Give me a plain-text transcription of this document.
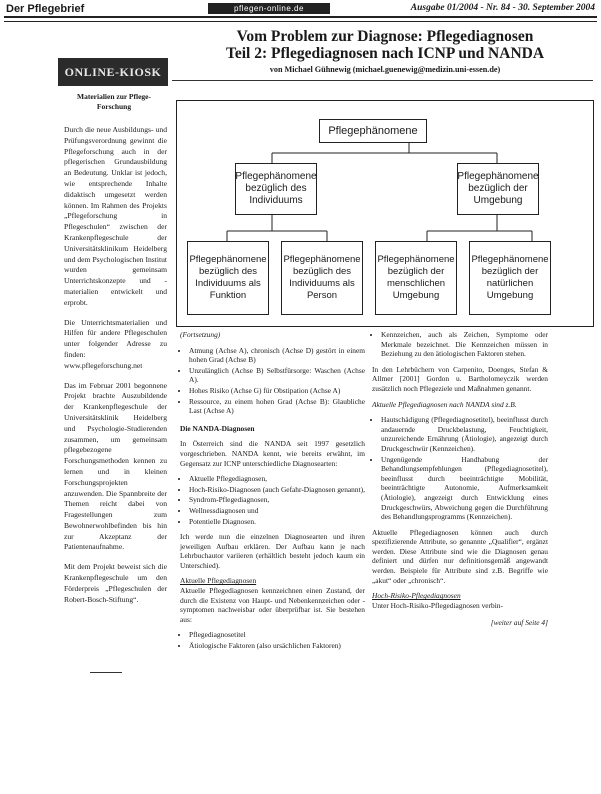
Der Pflegebrief	pflegen-online.de	Ausgabe 01/2004 - Nr. 84 - 30. September 2004
ONLINE-KIOSK
Materialien zur Pflege-Forschung

Durch die neue Ausbildungs- und Prüfungsverordnung gewinnt die Pflegeforschung auch in der pflegerischen Grundausbildung an Bedeutung. Unklar ist jedoch, wie entsprechende Inhalte didaktisch umgesetzt werden können. Im Rahmen des Projekts „Pflegeforschung in Pflegeschulen“ zwischen der Krankenpflegeschule der Universitätsklinikum Heidelberg und dem Psychologischen Institut wurden gemeinsam Unterrichtskonzepte und -materialien entwickelt und erprobt.

Die Unterrichtsmaterialien und Hilfen für andere Pflegeschulen unter folgender Adresse zu finden:

www.pflegeforschung.net

Das im Februar 2001 begonnene Projekt brachte Auszubildende der Krankenpflegeschule der Universitätsklinik Heidelberg und Psychologie-Studierenden zusammen, um gemeinsam pflegebezogene Forschungsmethoden kennen zu lernen und in kleinen Forschungsprojekten anzuwenden. Die Spannbreite der Themen reicht dabei von Fragestellungen zum Bewohnerwohlbefinden bis hin zur Akzeptanz der Patientenaufnahme.

Mit dem Projekt beweist sich die Krankenpflegeschule um den Förderpreis „Pflegeschulen der Robert-Bosch-Stiftung“.

Vom Problem zur Diagnose: Pflegediagnosen
Teil 2: Pflegediagnosen nach ICNP und NANDA
von Michael Gühnewig (michael.guenewig@medizin.uni-essen.de)
Pflegephänomene
Pflegephänomene bezüglich des Individuums
Pflegephänomene bezüglich der Umgebung
Pflegephänomene bezüglich des Individuums als Funktion
Pflegephänomene bezüglich des Individuums als Person
Pflegephänomene bezüglich der menschlichen Umgebung
Pflegephänomene bezüglich der natürlichen Umgebung

(Fortsetzung)

• Atmung (Achse A), chronisch (Achse D) gestört in einem hohen Grad (Achse B)
• Unzulänglich (Achse B) Selbstfürsorge: Waschen (Achse A).
• Hohes Risiko (Achse G) für Obstipation (Achse A)
• Ressource, zu einem hohen Grad (Achse B): Glaubliche Last (Achse A)

Die NANDA-Diagnosen

In Österreich sind die NANDA seit 1997 gesetzlich vorgeschrieben. NANDA kennt, wie bereits erwähnt, im Gegensatz zur ICNP unterschiedliche Diagnosearten:

• Aktuelle Pflegediagnosen,
• Hoch-Risiko-Diagnosen (auch Gefahr-Diagnosen genannt),
• Syndrom-Pflegediagnosen,
• Wellnessdiagnosen und
• Potentielle Diagnosen.

Ich werde nun die einzelnen Diagnosearten und ihren jeweiligen Aufbau erklären. Der Aufbau kann je nach Lehrbuchautor variieren (erhältlich besteht jedoch kaum ein Unterschied).

Aktuelle Pflegediagnosen

Aktuelle Pflegediagnosen kennzeichnen einen Zustand, der durch die Existenz von Haupt- und Nebenkennzeichen oder -symptomen nachweisbar oder überprüfbar ist. Sie bestehen aus:

• Pflegediagnosetitel
• Ätiologische Faktoren (also ursächlichen Faktoren)
• Kennzeichen, auch als Zeichen, Symptome oder Merkmale bezeichnet. Die Kennzeichen müssen in Beziehung zu den ätiologischen Faktoren stehen.

In den Lehrbüchern von Carpenito, Doenges, Stefan & Allmer [2001] Gordon u. Bartholomeyczik werden zusätzlich noch Pflegeziele und Maßnahmen genannt.

Aktuelle Pflegediagnosen nach NANDA sind z.B.

• Hautschädigung (Pflegediagnosetitel), beeinflusst durch andauernde Druckbelastung, Feuchtigkeit, unzureichende Ernährung (Ätiologie), angezeigt durch Druckgeschwür (Kennzeichen).
• Ungenügende Handhabung der Behandlungsempfehlungen (Pflegediagnosetitel), beeinflusst durch beeinträchtigte Mobilität, beeinträchtigte Autonomie, Aufmerksamkeit (Ätiologie), angezeigt durch Entwicklung eines Druckgeschwürs, Abweichung gegen die Durchführung des Behandlungsprogramms (Kennzeichen).

Aktuelle Pflegediagnosen können auch durch spezifizierende Attribute, so genannte „Qualifier“, ergänzt werden. Diese Attribute sind wie die Diagnosen genau definiert und dürfen nur definitionsgemäß angewandt werden. Beispiele für Attribute sind z.B. Begriffe wie „akut“ oder „chronisch“.

Hoch-Risiko-Pflegediagnosen

Unter Hoch-Risiko-Pflegediagnosen verbin-

[weiter auf Seite 4]
